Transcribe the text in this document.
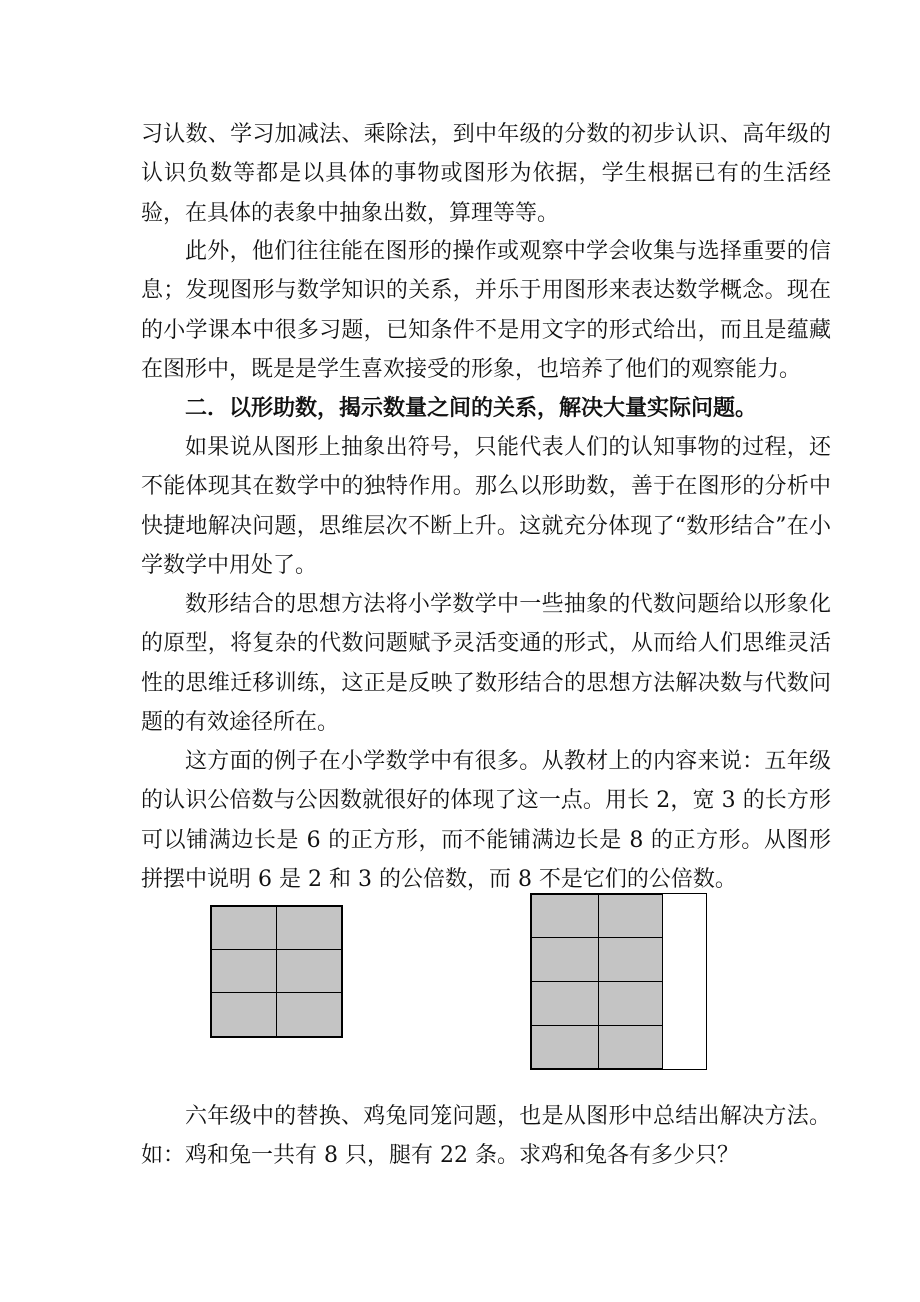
习认数、学习加减法、乘除法，到中年级的分数的初步认识、高年级的认识负数等都是以具体的事物或图形为依据，学生根据已有的生活经验，在具体的表象中抽象出数，算理等等。

此外，他们往往能在图形的操作或观察中学会收集与选择重要的信息；发现图形与数学知识的关系，并乐于用图形来表达数学概念。现在的小学课本中很多习题，已知条件不是用文字的形式给出，而且是蕴藏在图形中，既是是学生喜欢接受的形象，也培养了他们的观察能力。

二．以形助数，揭示数量之间的关系，解决大量实际问题。

如果说从图形上抽象出符号，只能代表人们的认知事物的过程，还不能体现其在数学中的独特作用。那么以形助数，善于在图形的分析中快捷地解决问题，思维层次不断上升。这就充分体现了“数形结合”在小学数学中用处了。

数形结合的思想方法将小学数学中一些抽象的代数问题给以形象化的原型，将复杂的代数问题赋予灵活变通的形式，从而给人们思维灵活性的思维迁移训练，这正是反映了数形结合的思想方法解决数与代数问题的有效途径所在。

这方面的例子在小学数学中有很多。从教材上的内容来说：五年级的认识公倍数与公因数就很好的体现了这一点。用长 2，宽 3 的长方形可以铺满边长是 6 的正方形，而不能铺满边长是 8 的正方形。从图形拼摆中说明 6 是 2 和 3 的公倍数，而 8 不是它们的公倍数。

六年级中的替换、鸡兔同笼问题，也是从图形中总结出解决方法。如：鸡和兔一共有 8 只，腿有 22 条。求鸡和兔各有多少只？
